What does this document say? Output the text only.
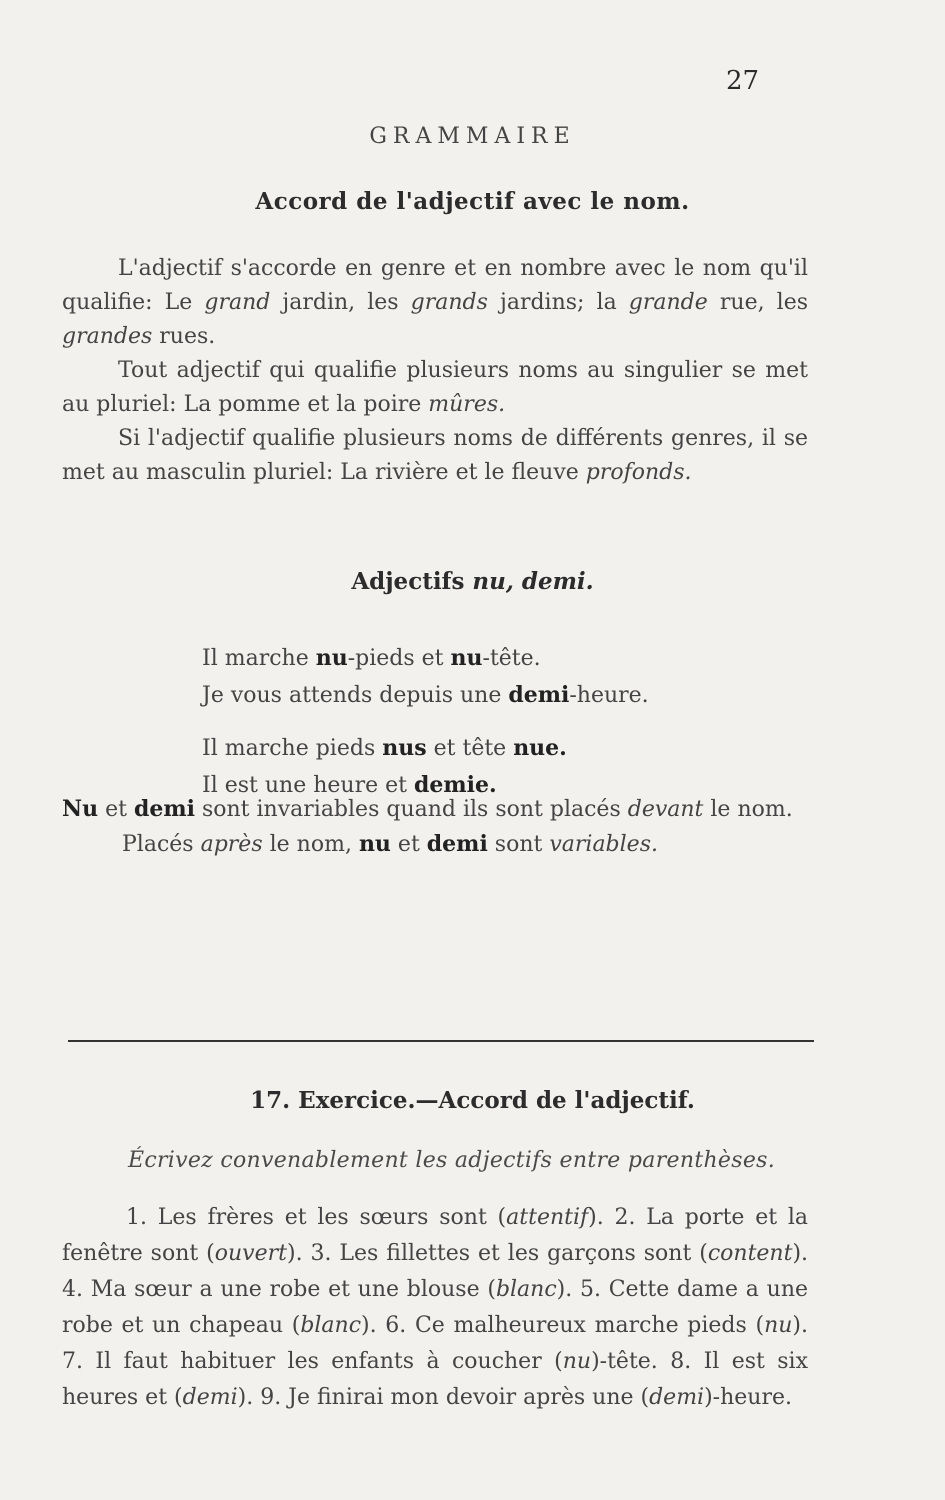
27
GRAMMAIRE
Accord de l'adjectif avec le nom.

L'adjectif s'accorde en genre et en nombre avec le nom qu'il qualifie: Le grand jardin, les grands jardins; la grande rue, les grandes rues.

Tout adjectif qui qualifie plusieurs noms au singulier se met au pluriel: La pomme et la poire mûres.

Si l'adjectif qualifie plusieurs noms de différents genres, il se met au masculin pluriel: La rivière et le fleuve profonds.

Adjectifs nu, demi.
Il marche nu-pieds et nu-tête.
Je vous attends depuis une demi-heure.
Il marche pieds nus et tête nue.
Il est une heure et demie.

Nu et demi sont invariables quand ils sont placés devant le nom.

Placés après le nom, nu et demi sont variables.

17. Exercice.—Accord de l'adjectif.
Écrivez convenablement les adjectifs entre parenthèses.

1. Les frères et les sœurs sont (attentif). 2. La porte et la fenêtre sont (ouvert). 3. Les fillettes et les garçons sont (content). 4. Ma sœur a une robe et une blouse (blanc). 5. Cette dame a une robe et un chapeau (blanc). 6. Ce malheureux marche pieds (nu). 7. Il faut habituer les enfants à coucher (nu)-tête. 8. Il est six heures et (demi). 9. Je finirai mon devoir après une (demi)-heure.
